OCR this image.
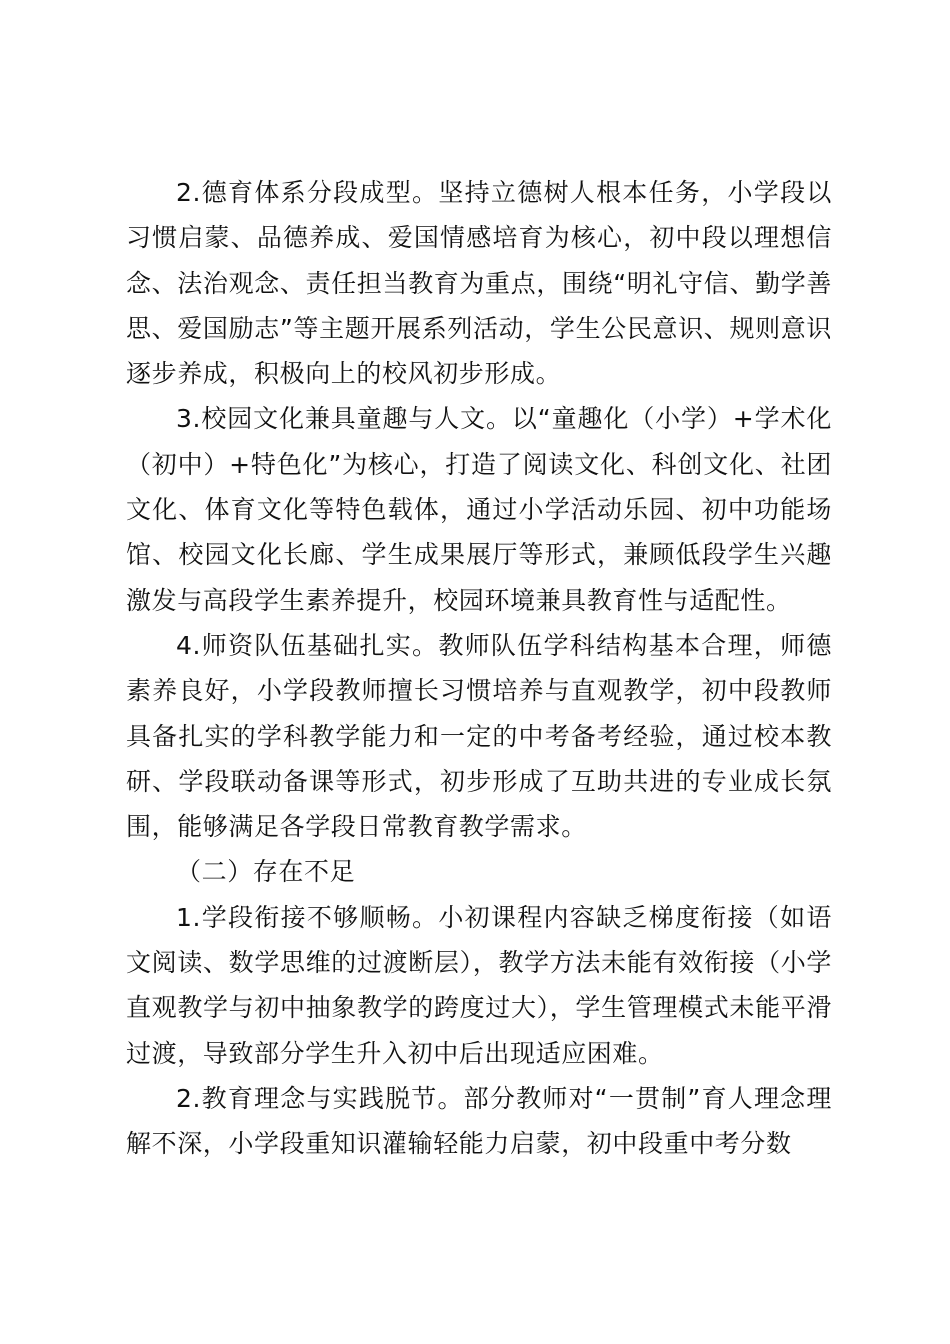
2.德育体系分段成型。坚持立德树人根本任务，小学段以习惯启蒙、品德养成、爱国情感培育为核心，初中段以理想信念、法治观念、责任担当教育为重点，围绕“明礼守信、勤学善思、爱国励志”等主题开展系列活动，学生公民意识、规则意识逐步养成，积极向上的校风初步形成。

3.校园文化兼具童趣与人文。以“童趣化（小学）+学术化（初中）+特色化”为核心，打造了阅读文化、科创文化、社团文化、体育文化等特色载体，通过小学活动乐园、初中功能场馆、校园文化长廊、学生成果展厅等形式，兼顾低段学生兴趣激发与高段学生素养提升，校园环境兼具教育性与适配性。

4.师资队伍基础扎实。教师队伍学科结构基本合理，师德素养良好，小学段教师擅长习惯培养与直观教学，初中段教师具备扎实的学科教学能力和一定的中考备考经验，通过校本教研、学段联动备课等形式，初步形成了互助共进的专业成长氛围，能够满足各学段日常教育教学需求。

（二）存在不足

1.学段衔接不够顺畅。小初课程内容缺乏梯度衔接（如语文阅读、数学思维的过渡断层），教学方法未能有效衔接（小学直观教学与初中抽象教学的跨度过大），学生管理模式未能平滑过渡，导致部分学生升入初中后出现适应困难。

2.教育理念与实践脱节。部分教师对“一贯制”育人理念理解不深，小学段重知识灌输轻能力启蒙，初中段重中考分数
